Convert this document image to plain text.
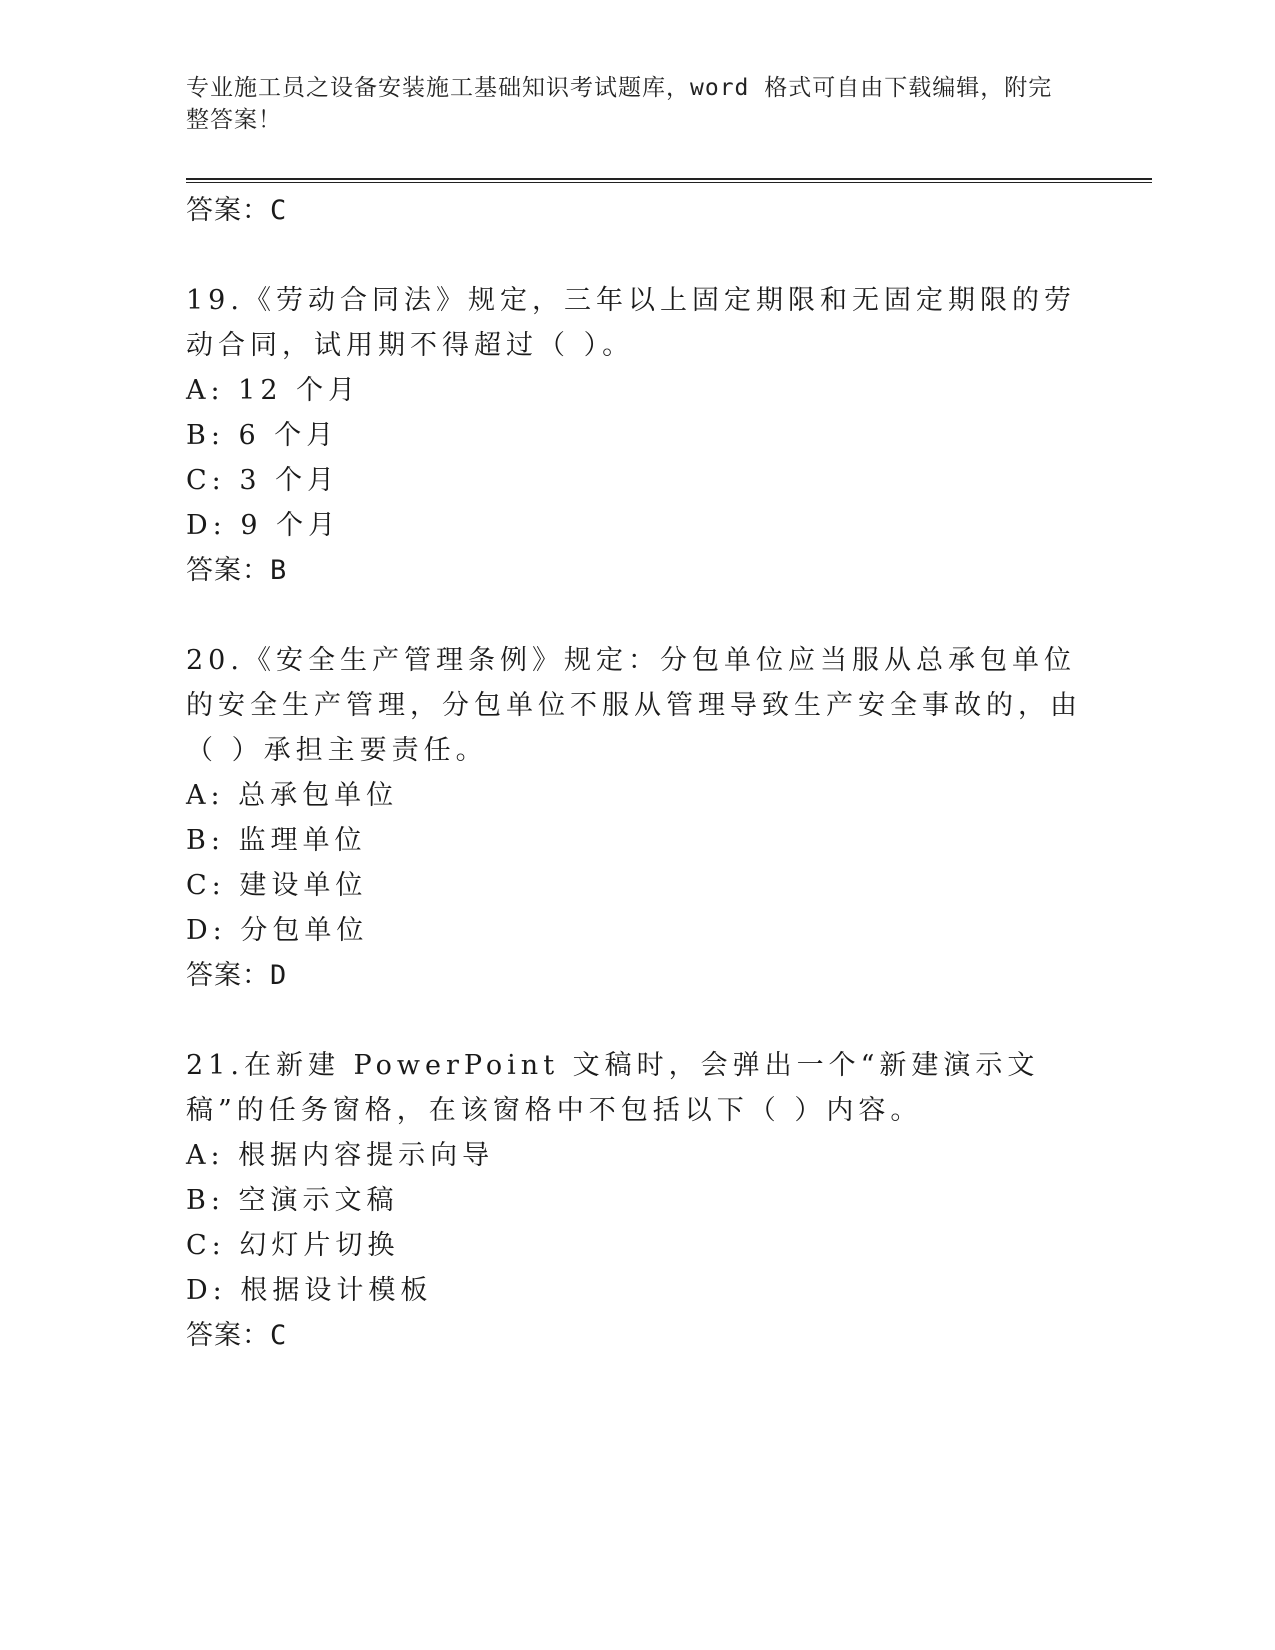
专业施工员之设备安装施工基础知识考试题库，word 格式可自由下载编辑，附完整答案！
答案：C
19.《劳动合同法》规定，三年以上固定期限和无固定期限的劳动合同，试用期不得超过（ ）。
A: 12 个月
B: 6 个月
C: 3 个月
D: 9 个月
答案：B
20.《安全生产管理条例》规定：分包单位应当服从总承包单位的安全生产管理，分包单位不服从管理导致生产安全事故的，由（ ）承担主要责任。
A: 总承包单位
B: 监理单位
C: 建设单位
D: 分包单位
答案：D
21.在新建 PowerPoint 文稿时，会弹出一个“新建演示文稿”的任务窗格，在该窗格中不包括以下（ ）内容。
A: 根据内容提示向导
B: 空演示文稿
C: 幻灯片切换
D: 根据设计模板
答案：C
